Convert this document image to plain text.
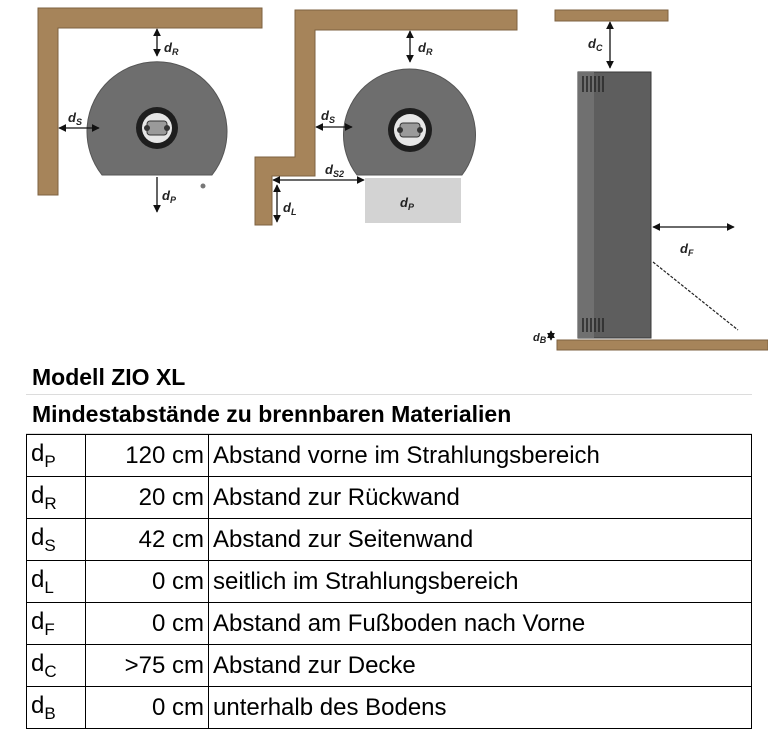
$d_R$
$d_S$
$d_P$
$d_R$
$d_S$
$d_{S2}$
$d_L$
$d_P$
$d_C$
$d_F$
dB
Modell ZIO XL
Mindestabstände zu brennbaren Materialien
$d_P$	120 cm	Abstand vorne im Strahlungsbereich
$d_R$	20 cm	Abstand zur Rückwand
$d_S$	42 cm	Abstand zur Seitenwand
$d_L$	0 cm	seitlich im Strahlungsbereich
$d_F$	0 cm	Abstand am Fußboden nach Vorne
$d_C$	>75 cm	Abstand zur Decke
$d_B$	0 cm	unterhalb des Bodens
